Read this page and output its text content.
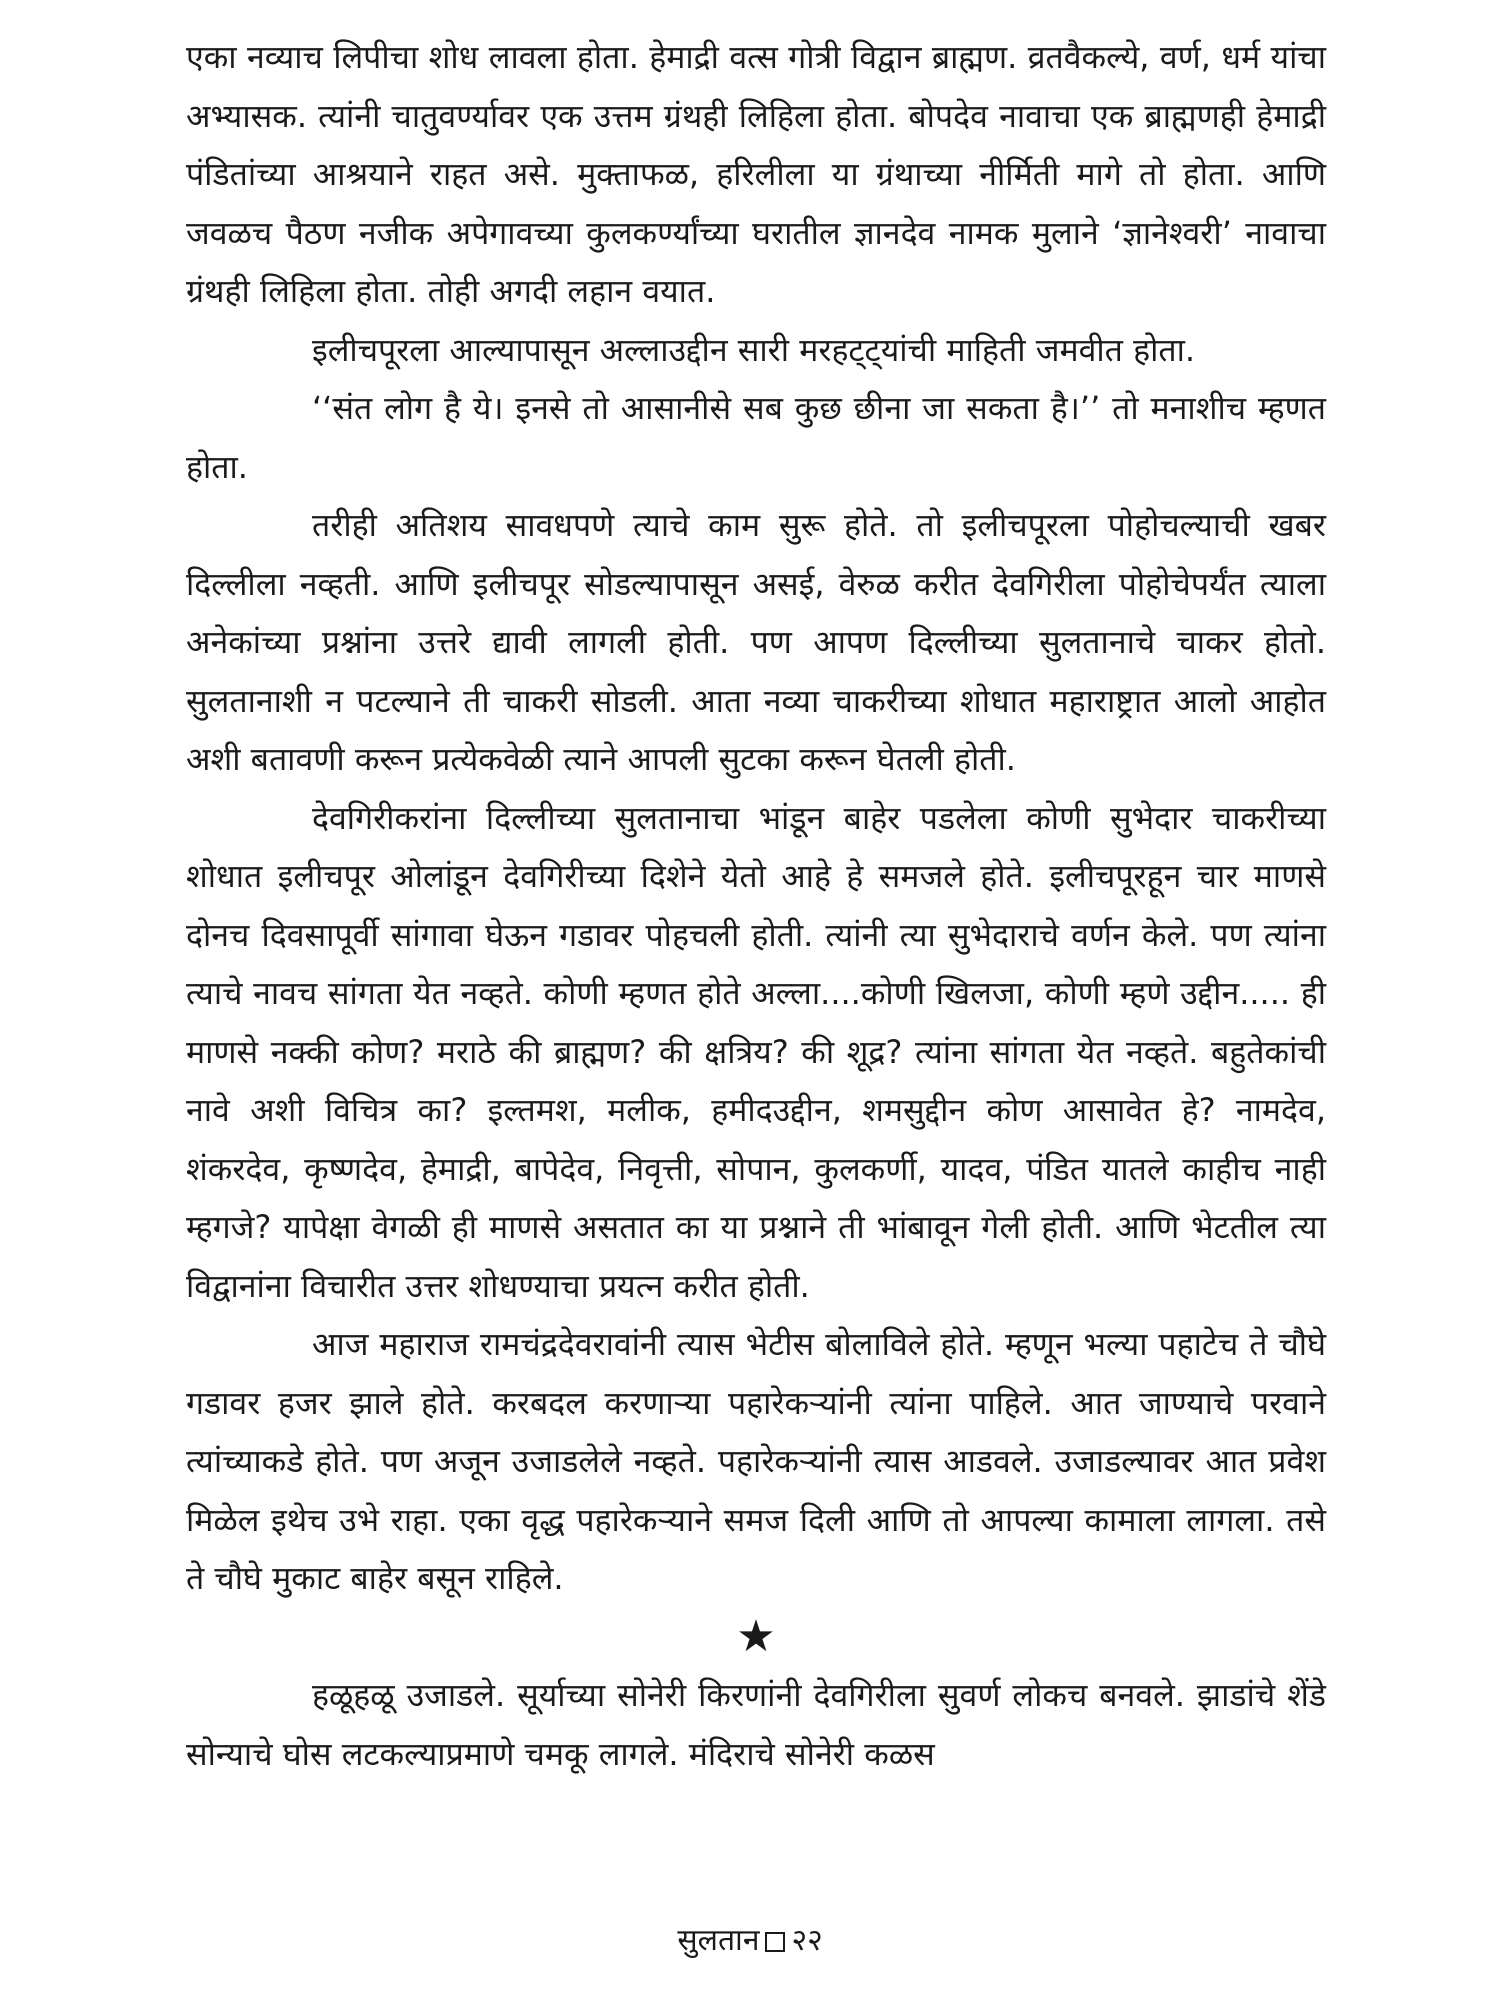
एका नव्याच लिपीचा शोध लावला होता. हेमाद्री वत्स गोत्री विद्वान ब्राह्मण. व्रतवैकल्ये, वर्ण, धर्म यांचा अभ्यासक. त्यांनी चातुवर्ण्यावर एक उत्तम ग्रंथही लिहिला होता. बोपदेव नावाचा एक ब्राह्मणही हेमाद्री पंडितांच्या आश्रयाने राहत असे. मुक्ताफळ, हरिलीला या ग्रंथाच्या नीर्मिती मागे तो होता. आणि जवळच पैठण नजीक अपेगावच्या कुलकर्ण्यांच्या घरातील ज्ञानदेव नामक मुलाने ‘ज्ञानेश्वरी’ नावाचा ग्रंथही लिहिला होता. तोही अगदी लहान वयात.

इलीचपूरला आल्यापासून अल्लाउद्दीन सारी मरहट्ट्यांची माहिती जमवीत होता.

‘‘संत लोग है ये। इनसे तो आसानीसे सब कुछ छीना जा सकता है।’’ तो मनाशीच म्हणत होता.

तरीही अतिशय सावधपणे त्याचे काम सुरू होते. तो इलीचपूरला पोहोचल्याची खबर दिल्लीला नव्हती. आणि इलीचपूर सोडल्यापासून असई, वेरुळ करीत देवगिरीला पोहोचेपर्यंत त्याला अनेकांच्या प्रश्नांना उत्तरे द्यावी लागली होती. पण आपण दिल्लीच्या सुलतानाचे चाकर होतो. सुलतानाशी न पटल्याने ती चाकरी सोडली. आता नव्या चाकरीच्या शोधात महाराष्ट्रात आलो आहोत अशी बतावणी करून प्रत्येकवेळी त्याने आपली सुटका करून घेतली होती.

देवगिरीकरांना दिल्लीच्या सुलतानाचा भांडून बाहेर पडलेला कोणी सुभेदार चाकरीच्या शोधात इलीचपूर ओलांडून देवगिरीच्या दिशेने येतो आहे हे समजले होते. इलीचपूरहून चार माणसे दोनच दिवसापूर्वी सांगावा घेऊन गडावर पोहचली होती. त्यांनी त्या सुभेदाराचे वर्णन केले. पण त्यांना त्याचे नावच सांगता येत नव्हते. कोणी म्हणत होते अल्ला....कोणी खिलजा, कोणी म्हणे उद्दीन..... ही माणसे नक्की कोण? मराठे की ब्राह्मण? की क्षत्रिय? की शूद्र? त्यांना सांगता येत नव्हते. बहुतेकांची नावे अशी विचित्र का? इल्तमश, मलीक, हमीदउद्दीन, शमसुद्दीन कोण आसावेत हे? नामदेव, शंकरदेव, कृष्णदेव, हेमाद्री, बापेदेव, निवृत्ती, सोपान, कुलकर्णी, यादव, पंडित यातले काहीच नाही म्हगजे? यापेक्षा वेगळी ही माणसे असतात का या प्रश्नाने ती भांबावून गेली होती. आणि भेटतील त्या विद्वानांना विचारीत उत्तर शोधण्याचा प्रयत्न करीत होती.

आज महाराज रामचंद्रदेवरावांनी त्यास भेटीस बोलाविले होते. म्हणून भल्या पहाटेच ते चौघे गडावर हजर झाले होते. करबदल करणाऱ्या पहारेकऱ्यांनी त्यांना पाहिले. आत जाण्याचे परवाने त्यांच्याकडे होते. पण अजून उजाडलेले नव्हते. पहारेकऱ्यांनी त्यास आडवले. उजाडल्यावर आत प्रवेश मिळेल इथेच उभे राहा. एका वृद्ध पहारेकऱ्याने समज दिली आणि तो आपल्या कामाला लागला. तसे ते चौघे मुकाट बाहेर बसून राहिले.

★

हळूहळू उजाडले. सूर्याच्या सोनेरी किरणांनी देवगिरीला सुवर्ण लोकच बनवले. झाडांचे शेंडे सोन्याचे घोस लटकल्याप्रमाणे चमकू लागले. मंदिराचे सोनेरी कळस

सुलतान २२
